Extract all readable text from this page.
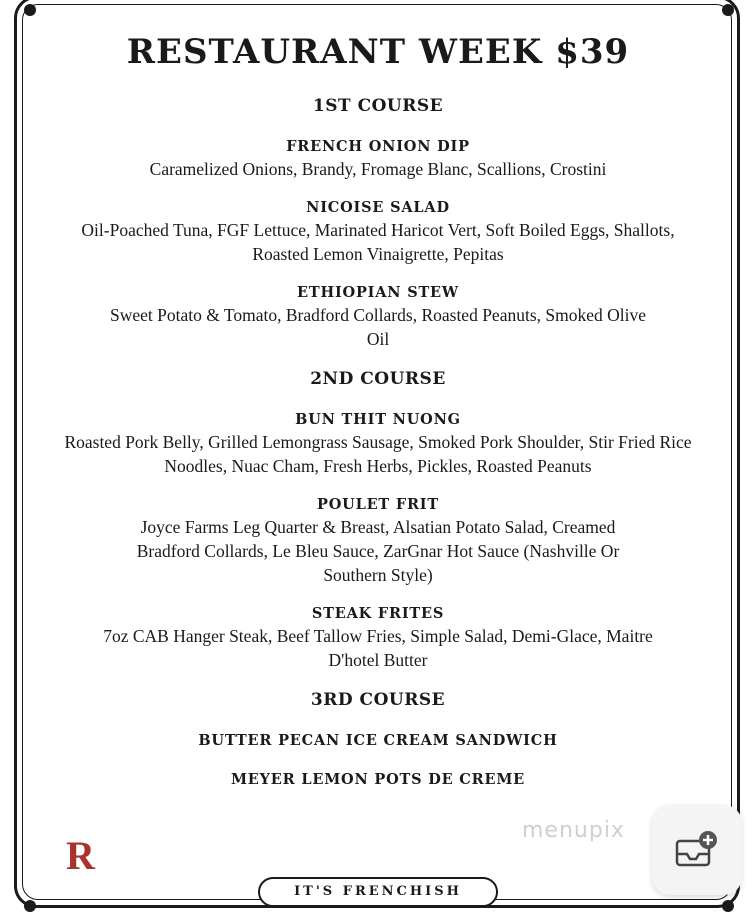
RESTAURANT WEEK $39
1ST COURSE
FRENCH ONION DIP
Caramelized Onions, Brandy, Fromage Blanc, Scallions, Crostini
NICOISE SALAD
Oil-Poached Tuna, FGF Lettuce, Marinated Haricot Vert, Soft Boiled Eggs, Shallots, Roasted Lemon Vinaigrette, Pepitas
ETHIOPIAN STEW
Sweet Potato & Tomato, Bradford Collards, Roasted Peanuts, Smoked Olive Oil
2ND COURSE
BUN THIT NUONG
Roasted Pork Belly, Grilled Lemongrass Sausage, Smoked Pork Shoulder, Stir Fried Rice Noodles, Nuac Cham, Fresh Herbs, Pickles, Roasted Peanuts
POULET FRIT
Joyce Farms Leg Quarter & Breast, Alsatian Potato Salad, Creamed Bradford Collards, Le Bleu Sauce, ZarGnar Hot Sauce (Nashville Or Southern Style)
STEAK FRITES
7oz CAB Hanger Steak, Beef Tallow Fries, Simple Salad, Demi-Glace, Maitre D'hotel Butter
3RD COURSE
BUTTER PECAN ICE CREAM SANDWICH
MEYER LEMON POTS DE CREME
R
IT'S FRENCHISH
menupix
